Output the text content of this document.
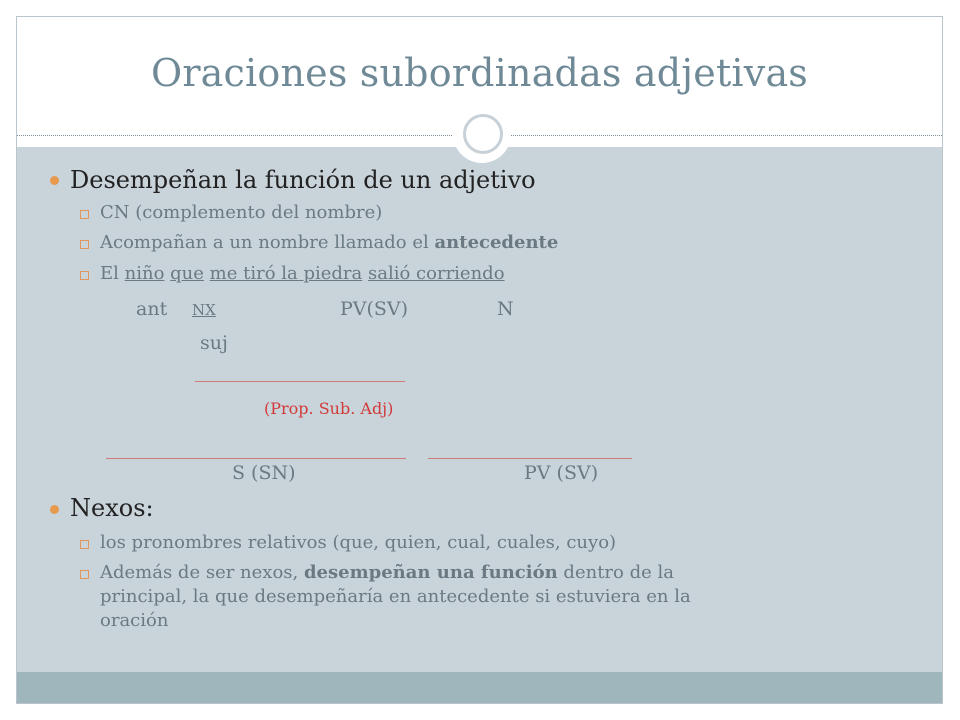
Oraciones subordinadas adjetivas
Desempeñan la función de un adjetivo
CN (complemento del nombre)
Acompañan a un nombre llamado el antecedente
El niño que me tiró la piedra salió corriendo
ant NX	PV(SV)	N
suj
(Prop. Sub. Adj)
S (SN)	PV (SV)
Nexos:
los pronombres relativos (que, quien, cual, cuales, cuyo)
Además de ser nexos, desempeñan una función dentro de la
principal, la que desempeñaría en antecedente si estuviera en la
oración
